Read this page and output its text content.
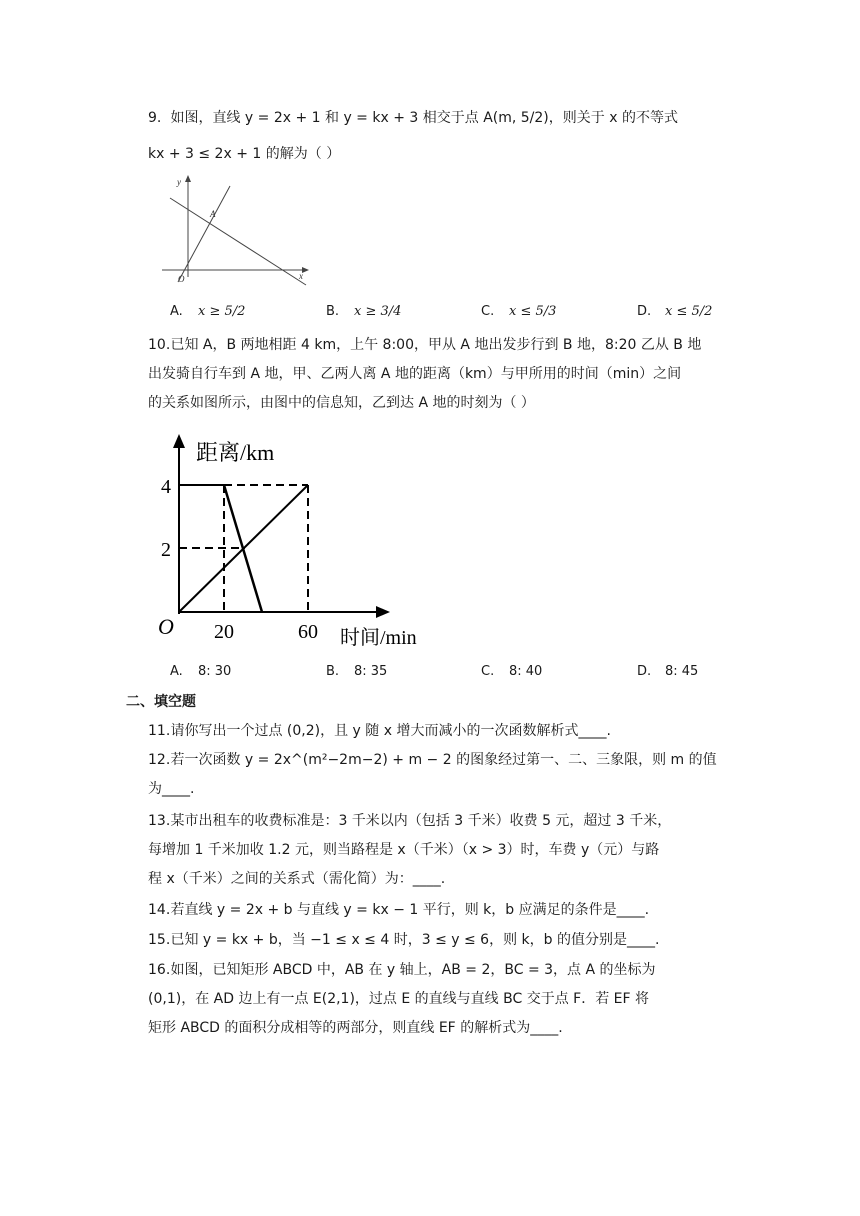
9. 如图，直线 y = 2x + 1 和 y = kx + 3 相交于点 A(m, 5/2)，则关于 x 的不等式
kx + 3 ≤ 2x + 1 的解为（ ）
y
x
O
A
A. x ≥ 5/2	B. x ≥ 3/4	C. x ≤ 5/3	D. x ≤ 5/2
10. 已知 A，B 两地相距 4 km，上午 8:00，甲从 A 地出发步行到 B 地，8:20 乙从 B 地
出发骑自行车到 A 地，甲、乙两人离 A 地的距离（km）与甲所用的时间（min）之间
的关系如图所示，由图中的信息知，乙到达 A 地的时刻为（ ）
距离/km
时间/min
O
4
2
20	60
A. 8: 30	B. 8: 35	C. 8: 40	D. 8: 45
二、填空题
11. 请你写出一个过点 (0,2)，且 y 随 x 增大而减小的一次函数解析式____.
12. 若一次函数 y = 2x^(m²−2m−2) + m − 2 的图象经过第一、二、三象限，则 m 的值
为____.
13. 某市出租车的收费标准是：3 千米以内（包括 3 千米）收费 5 元，超过 3 千米，
每增加 1 千米加收 1.2 元，则当路程是 x（千米）（x > 3）时，车费 y（元）与路
程 x（千米）之间的关系式（需化简）为：____.
14. 若直线 y = 2x + b 与直线 y = kx − 1 平行，则 k，b 应满足的条件是____.
15. 已知 y = kx + b，当 −1 ≤ x ≤ 4 时，3 ≤ y ≤ 6，则 k，b 的值分别是____.
16. 如图，已知矩形 ABCD 中，AB 在 y 轴上，AB = 2，BC = 3，点 A 的坐标为
(0,1)，在 AD 边上有一点 E(2,1)，过点 E 的直线与直线 BC 交于点 F．若 EF 将
矩形 ABCD 的面积分成相等的两部分，则直线 EF 的解析式为____.
